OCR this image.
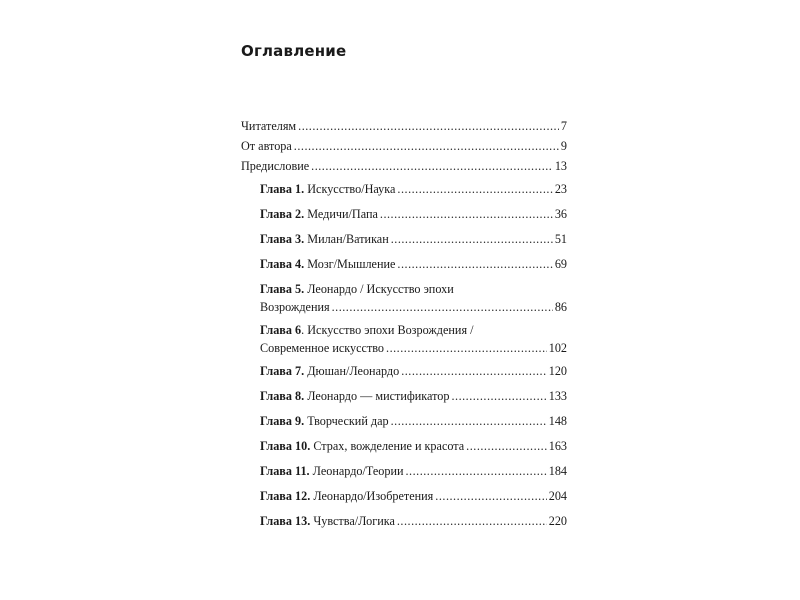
Оглавление
Читателям .....	7
От автора .....	9
Предисловие .....	13
Глава 1. Искусство/Наука .....	23
Глава 2. Медичи/Папа .....	36
Глава 3. Милан/Ватикан .....	51
Глава 4. Мозг/Мышление .....	69
Глава 5. Леонардо / Искусство эпохи
Возрождения .....	86
Глава 6. Искусство эпохи Возрождения /
Современное искусство .....	102
Глава 7. Дюшан/Леонардо .....	120
Глава 8. Леонардо — мистификатор .....	133
Глава 9. Творческий дар .....	148
Глава 10. Страх, вожделение и красота .....	163
Глава 11. Леонардо/Теории .....	184
Глава 12. Леонардо/Изобретения .....	204
Глава 13. Чувства/Логика .....	220
